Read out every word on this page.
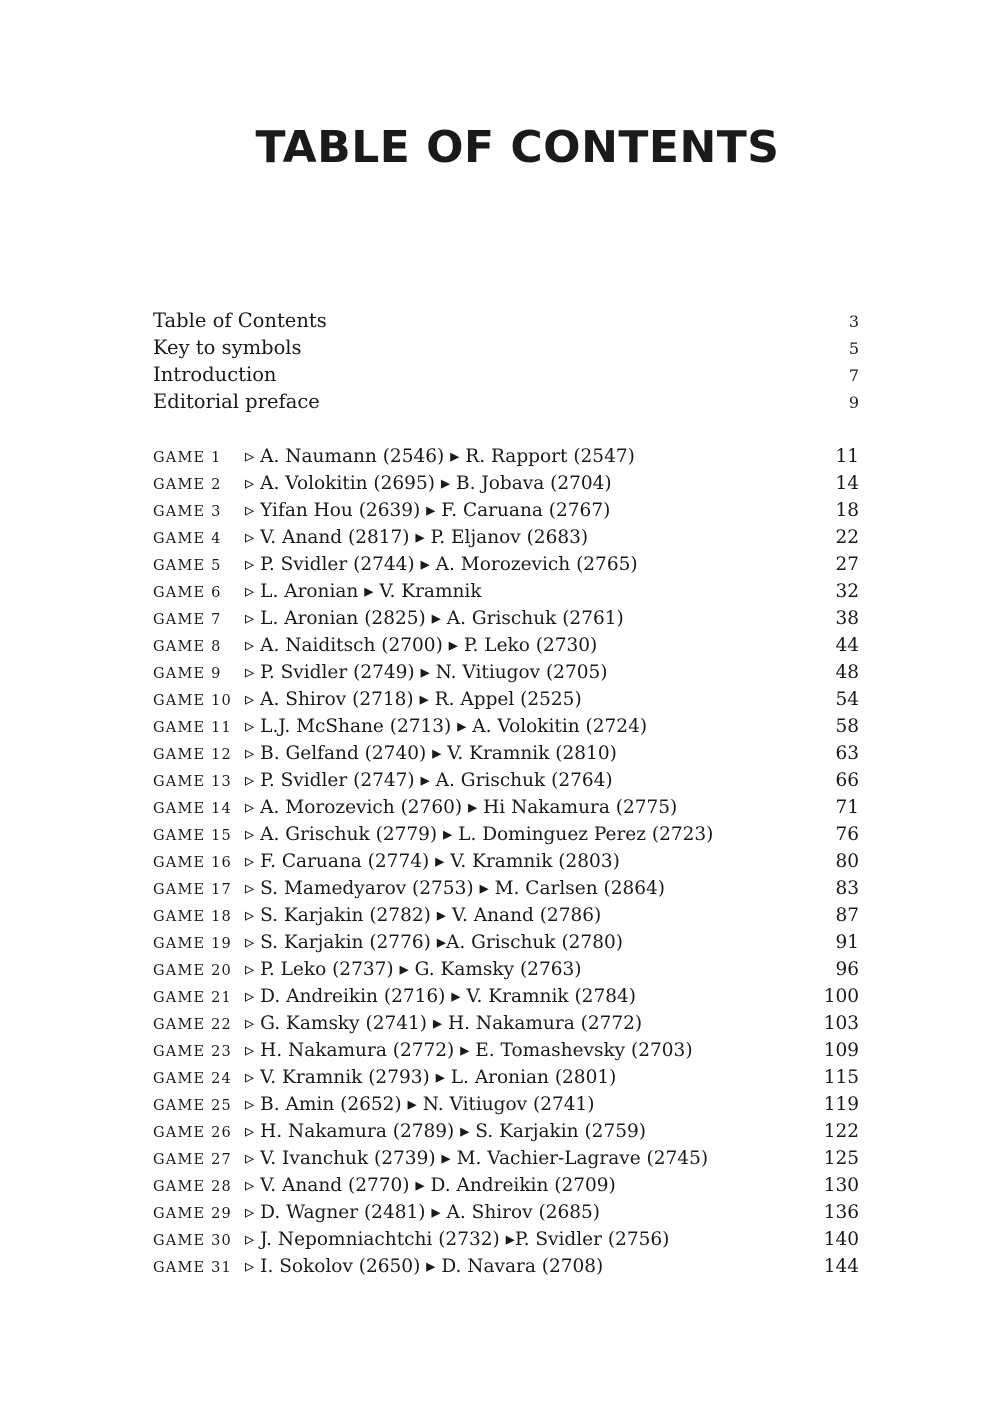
TABLE OF CONTENTS
Table of Contents	3
Key to symbols	5
Introduction	7
Editorial preface	9
GAME 1	▹ A. Naumann (2546) ▸ R. Rapport (2547)	11
GAME 2	▹ A. Volokitin (2695) ▸ B. Jobava (2704)	14
GAME 3	▹ Yifan Hou (2639) ▸ F. Caruana (2767)	18
GAME 4	▹ V. Anand (2817) ▸ P. Eljanov (2683)	22
GAME 5	▹ P. Svidler (2744) ▸ A. Morozevich (2765)	27
GAME 6	▹ L. Aronian ▸ V. Kramnik	32
GAME 7	▹ L. Aronian (2825) ▸ A. Grischuk (2761)	38
GAME 8	▹ A. Naiditsch (2700) ▸ P. Leko (2730)	44
GAME 9	▹ P. Svidler (2749) ▸ N. Vitiugov (2705)	48
GAME 10 ▹ A. Shirov (2718) ▸ R. Appel (2525)	54
GAME 11 ▹ L.J. McShane (2713) ▸ A. Volokitin (2724)	58
GAME 12 ▹ B. Gelfand (2740) ▸ V. Kramnik (2810)	63
GAME 13 ▹ P. Svidler (2747) ▸ A. Grischuk (2764)	66
GAME 14 ▹ A. Morozevich (2760) ▸ Hi Nakamura (2775)	71
GAME 15 ▹ A. Grischuk (2779) ▸ L. Dominguez Perez (2723)	76
GAME 16 ▹ F. Caruana (2774) ▸ V. Kramnik (2803)	80
GAME 17 ▹ S. Mamedyarov (2753) ▸ M. Carlsen (2864)	83
GAME 18 ▹ S. Karjakin (2782) ▸ V. Anand (2786)	87
GAME 19 ▹ S. Karjakin (2776) ▸A. Grischuk (2780)	91
GAME 20 ▹ P. Leko (2737) ▸ G. Kamsky (2763)	96
GAME 21 ▹ D. Andreikin (2716) ▸ V. Kramnik (2784)	100
GAME 22 ▹ G. Kamsky (2741) ▸ H. Nakamura (2772)	103
GAME 23 ▹ H. Nakamura (2772) ▸ E. Tomashevsky (2703)	109
GAME 24 ▹ V. Kramnik (2793) ▸ L. Aronian (2801)	115
GAME 25 ▹ B. Amin (2652) ▸ N. Vitiugov (2741)	119
GAME 26 ▹ H. Nakamura (2789) ▸ S. Karjakin (2759)	122
GAME 27 ▹ V. Ivanchuk (2739) ▸ M. Vachier-Lagrave (2745)	125
GAME 28 ▹ V. Anand (2770) ▸ D. Andreikin (2709)	130
GAME 29 ▹ D. Wagner (2481) ▸ A. Shirov (2685)	136
GAME 30 ▹ J. Nepomniachtchi (2732) ▸P. Svidler (2756)	140
GAME 31 ▹ I. Sokolov (2650) ▸ D. Navara (2708)	144
